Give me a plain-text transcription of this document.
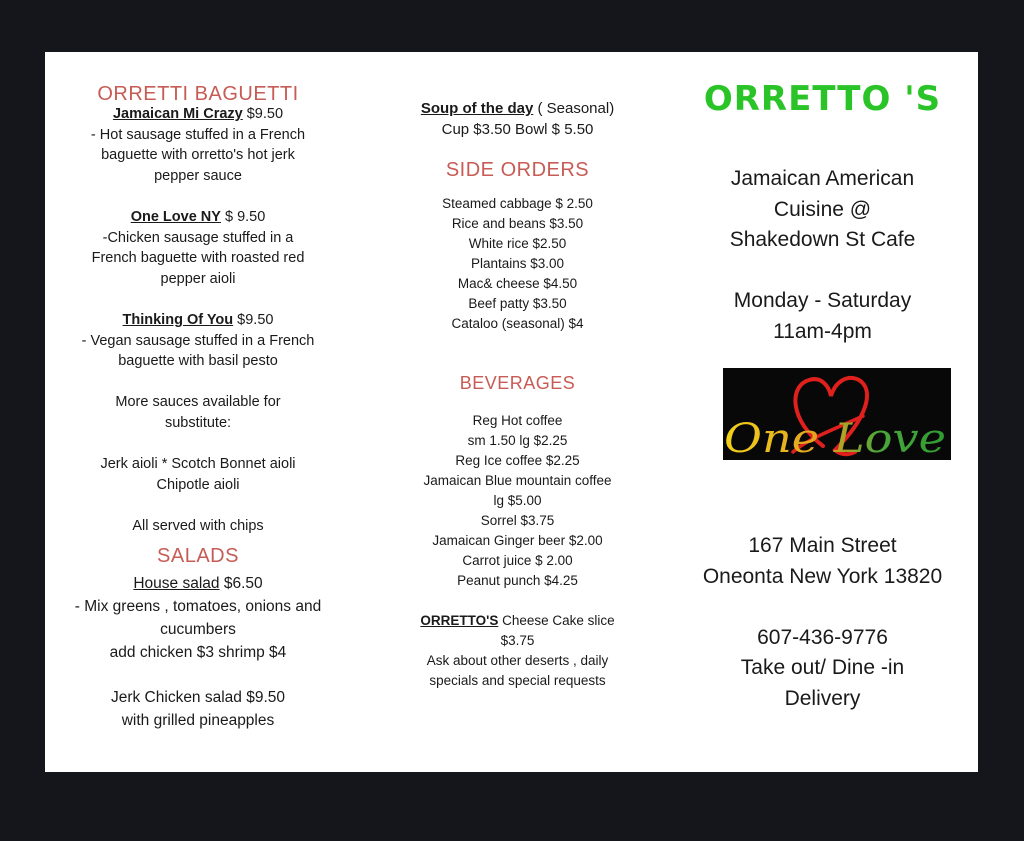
ORRETTI BAGUETTI

Jamaican Mi Crazy $9.50

- Hot sausage stuffed in a French

baguette with orretto's hot jerk

pepper sauce

One Love NY $ 9.50

-Chicken sausage stuffed in a

French baguette with roasted red

pepper aioli

Thinking Of You $9.50

- Vegan sausage stuffed in a French

baguette with basil pesto

More sauces available for

substitute:

Jerk aioli * Scotch Bonnet aioli

Chipotle aioli

All served with chips

SALADS

House salad $6.50

- Mix greens , tomatoes, onions and

cucumbers

add chicken $3 shrimp $4

Jerk Chicken salad $9.50

with grilled pineapples

Soup of the day ( Seasonal)

Cup $3.50 Bowl $ 5.50

SIDE ORDERS

Steamed cabbage $ 2.50

Rice and beans $3.50

White rice $2.50

Plantains $3.00

Mac& cheese $4.50

Beef patty $3.50

Cataloo (seasonal) $4

BEVERAGES

Reg Hot coffee

sm 1.50 lg $2.25

Reg Ice coffee $2.25

Jamaican Blue mountain coffee

lg $5.00

Sorrel $3.75

Jamaican Ginger beer $2.00

Carrot juice $ 2.00

Peanut punch $4.25

ORRETTO'S Cheese Cake slice

$3.75

Ask about other deserts , daily

specials and special requests

ORRETTO 'S

Jamaican American

Cuisine @

Shakedown St Cafe

Monday - Saturday

11am-4pm

167 Main Street

Oneonta New York 13820

607-436-9776

Take out/ Dine -in

Delivery

One Love
